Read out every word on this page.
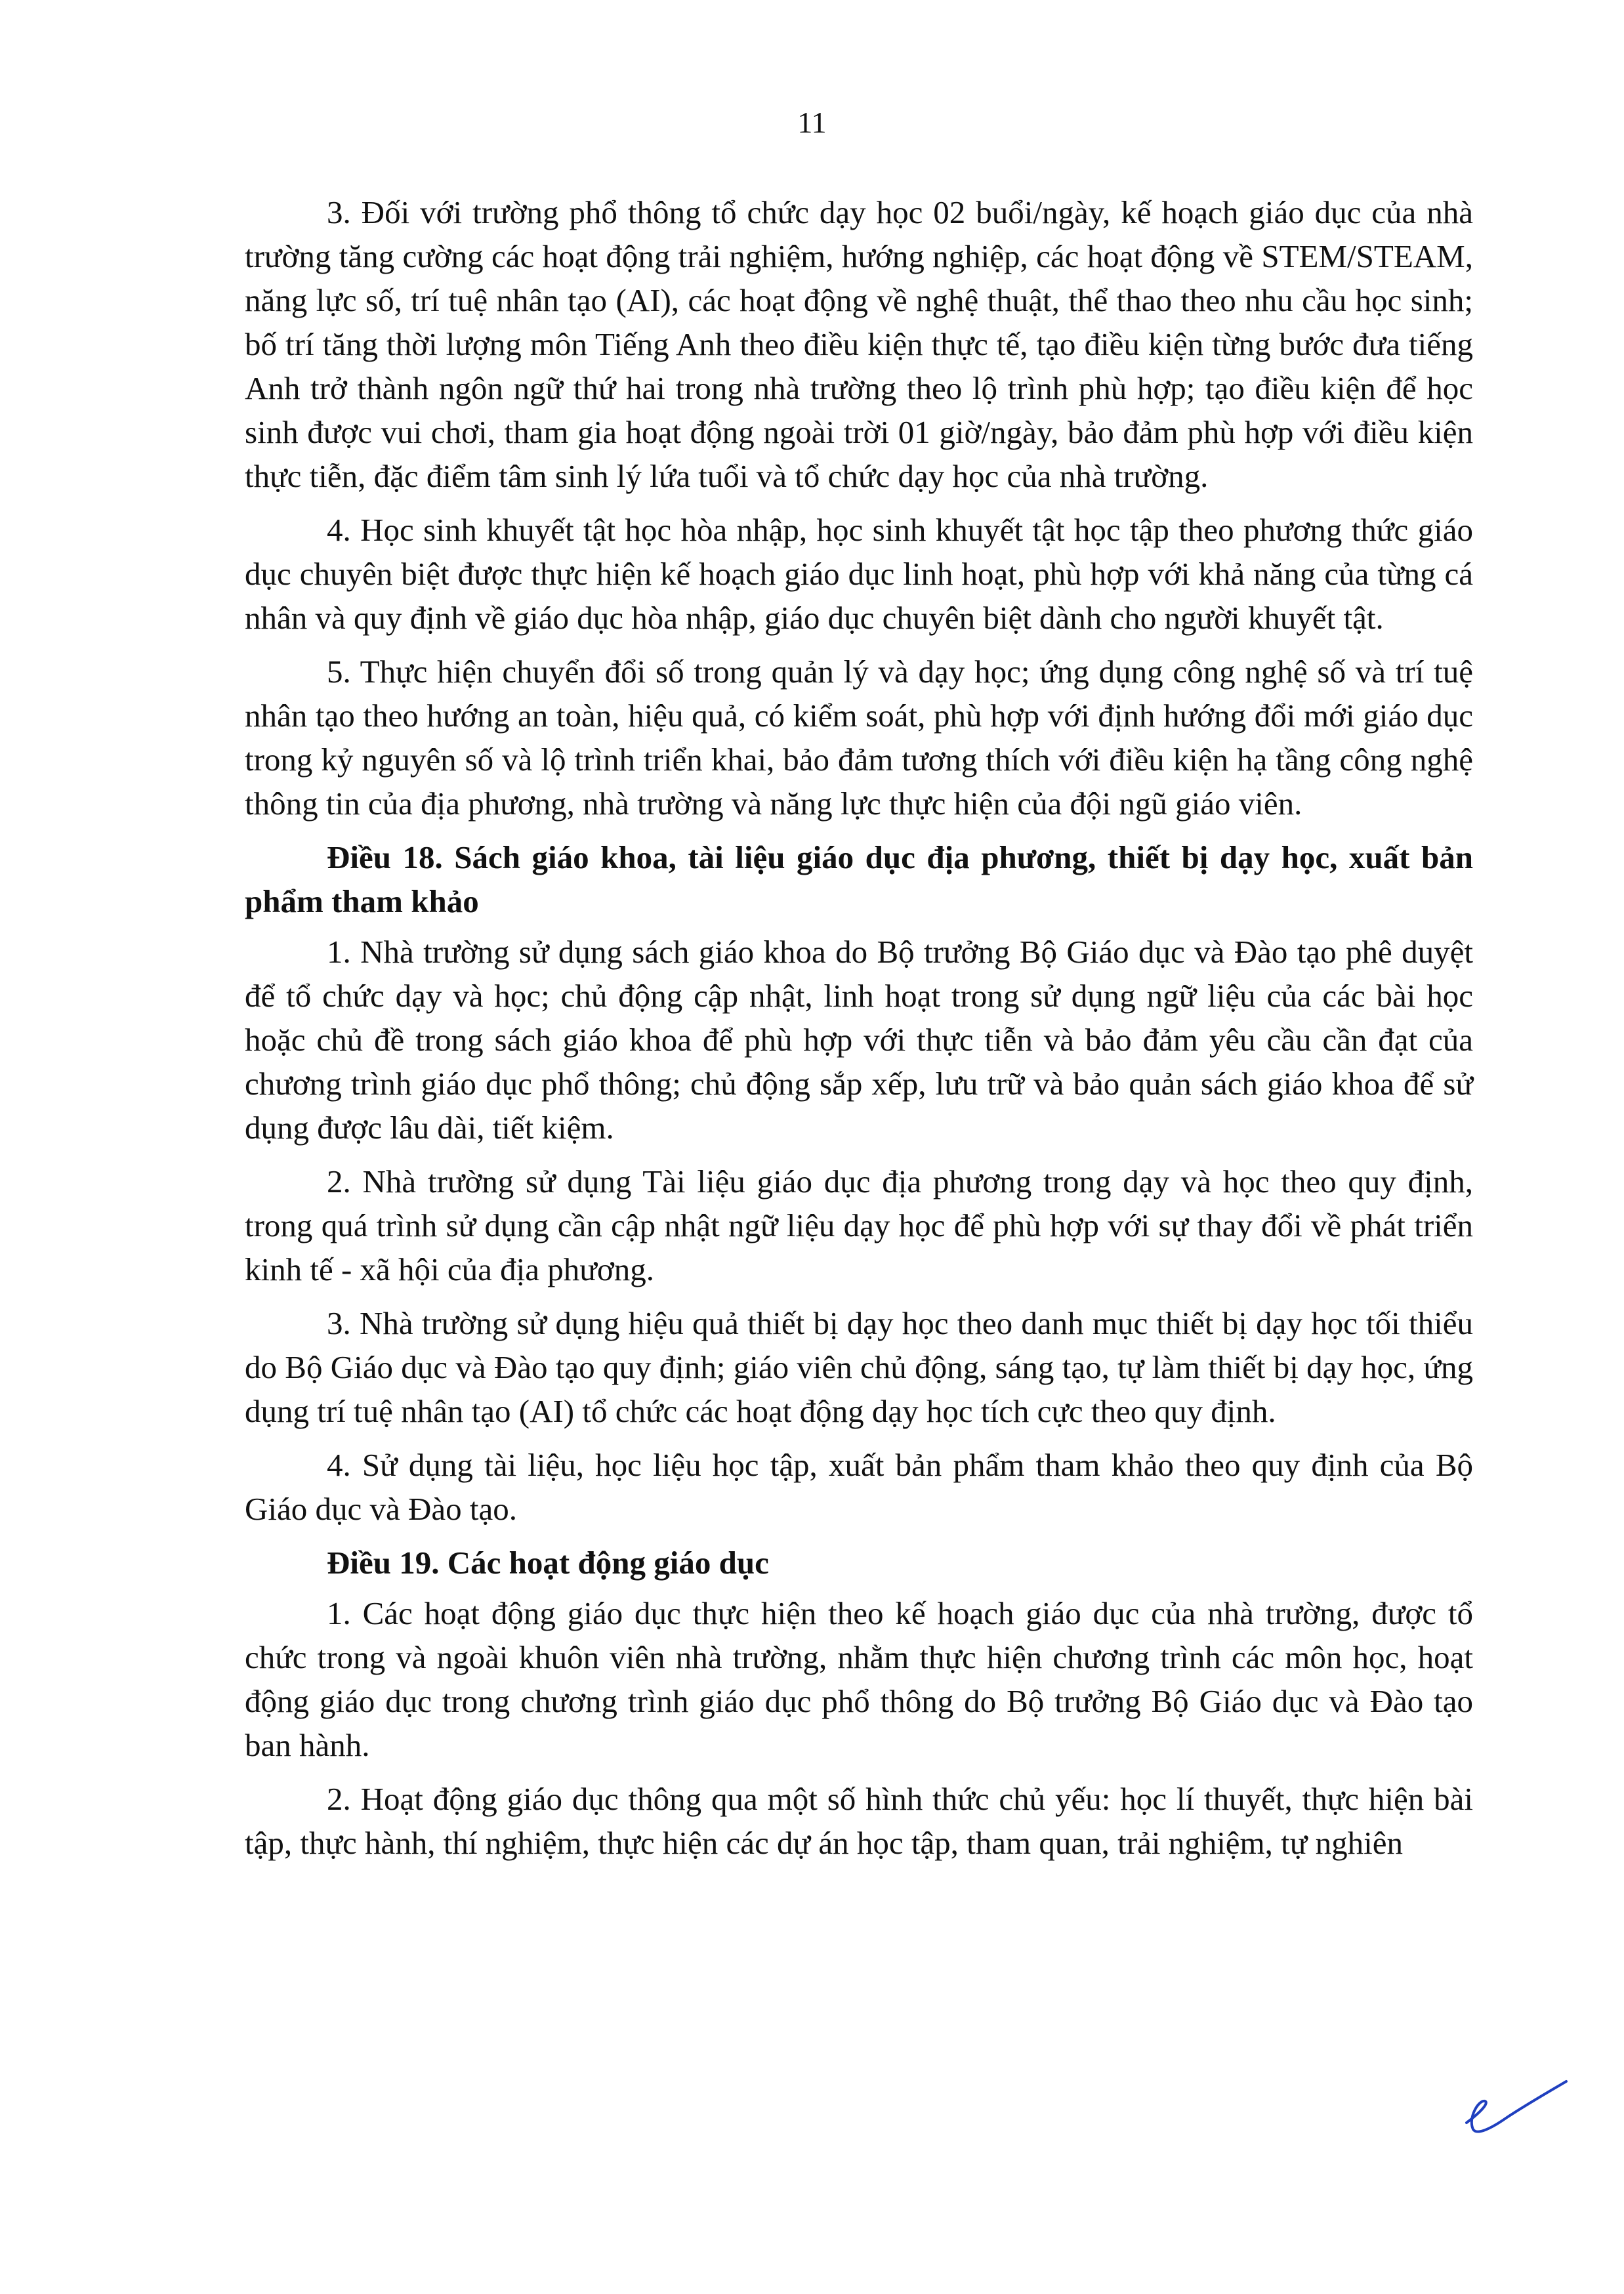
11

3. Đối với trường phổ thông tổ chức dạy học 02 buổi/ngày, kế hoạch giáo dục của nhà trường tăng cường các hoạt động trải nghiệm, hướng nghiệp, các hoạt động về STEM/STEAM, năng lực số, trí tuệ nhân tạo (AI), các hoạt động về nghệ thuật, thể thao theo nhu cầu học sinh; bố trí tăng thời lượng môn Tiếng Anh theo điều kiện thực tế, tạo điều kiện từng bước đưa tiếng Anh trở thành ngôn ngữ thứ hai trong nhà trường theo lộ trình phù hợp; tạo điều kiện để học sinh được vui chơi, tham gia hoạt động ngoài trời 01 giờ/ngày, bảo đảm phù hợp với điều kiện thực tiễn, đặc điểm tâm sinh lý lứa tuổi và tổ chức dạy học của nhà trường.

4. Học sinh khuyết tật học hòa nhập, học sinh khuyết tật học tập theo phương thức giáo dục chuyên biệt được thực hiện kế hoạch giáo dục linh hoạt, phù hợp với khả năng của từng cá nhân và quy định về giáo dục hòa nhập, giáo dục chuyên biệt dành cho người khuyết tật.

5. Thực hiện chuyển đổi số trong quản lý và dạy học; ứng dụng công nghệ số và trí tuệ nhân tạo theo hướng an toàn, hiệu quả, có kiểm soát, phù hợp với định hướng đổi mới giáo dục trong kỷ nguyên số và lộ trình triển khai, bảo đảm tương thích với điều kiện hạ tầng công nghệ thông tin của địa phương, nhà trường và năng lực thực hiện của đội ngũ giáo viên.

Điều 18. Sách giáo khoa, tài liệu giáo dục địa phương, thiết bị dạy học, xuất bản phẩm tham khảo

1. Nhà trường sử dụng sách giáo khoa do Bộ trưởng Bộ Giáo dục và Đào tạo phê duyệt để tổ chức dạy và học; chủ động cập nhật, linh hoạt trong sử dụng ngữ liệu của các bài học hoặc chủ đề trong sách giáo khoa để phù hợp với thực tiễn và bảo đảm yêu cầu cần đạt của chương trình giáo dục phổ thông; chủ động sắp xếp, lưu trữ và bảo quản sách giáo khoa để sử dụng được lâu dài, tiết kiệm.

2. Nhà trường sử dụng Tài liệu giáo dục địa phương trong dạy và học theo quy định, trong quá trình sử dụng cần cập nhật ngữ liệu dạy học để phù hợp với sự thay đổi về phát triển kinh tế - xã hội của địa phương.

3. Nhà trường sử dụng hiệu quả thiết bị dạy học theo danh mục thiết bị dạy học tối thiểu do Bộ Giáo dục và Đào tạo quy định; giáo viên chủ động, sáng tạo, tự làm thiết bị dạy học, ứng dụng trí tuệ nhân tạo (AI) tổ chức các hoạt động dạy học tích cực theo quy định.

4. Sử dụng tài liệu, học liệu học tập, xuất bản phẩm tham khảo theo quy định của Bộ Giáo dục và Đào tạo.

Điều 19. Các hoạt động giáo dục

1. Các hoạt động giáo dục thực hiện theo kế hoạch giáo dục của nhà trường, được tổ chức trong và ngoài khuôn viên nhà trường, nhằm thực hiện chương trình các môn học, hoạt động giáo dục trong chương trình giáo dục phổ thông do Bộ trưởng Bộ Giáo dục và Đào tạo ban hành.

2. Hoạt động giáo dục thông qua một số hình thức chủ yếu: học lí thuyết, thực hiện bài tập, thực hành, thí nghiệm, thực hiện các dự án học tập, tham quan, trải nghiệm, tự nghiên
